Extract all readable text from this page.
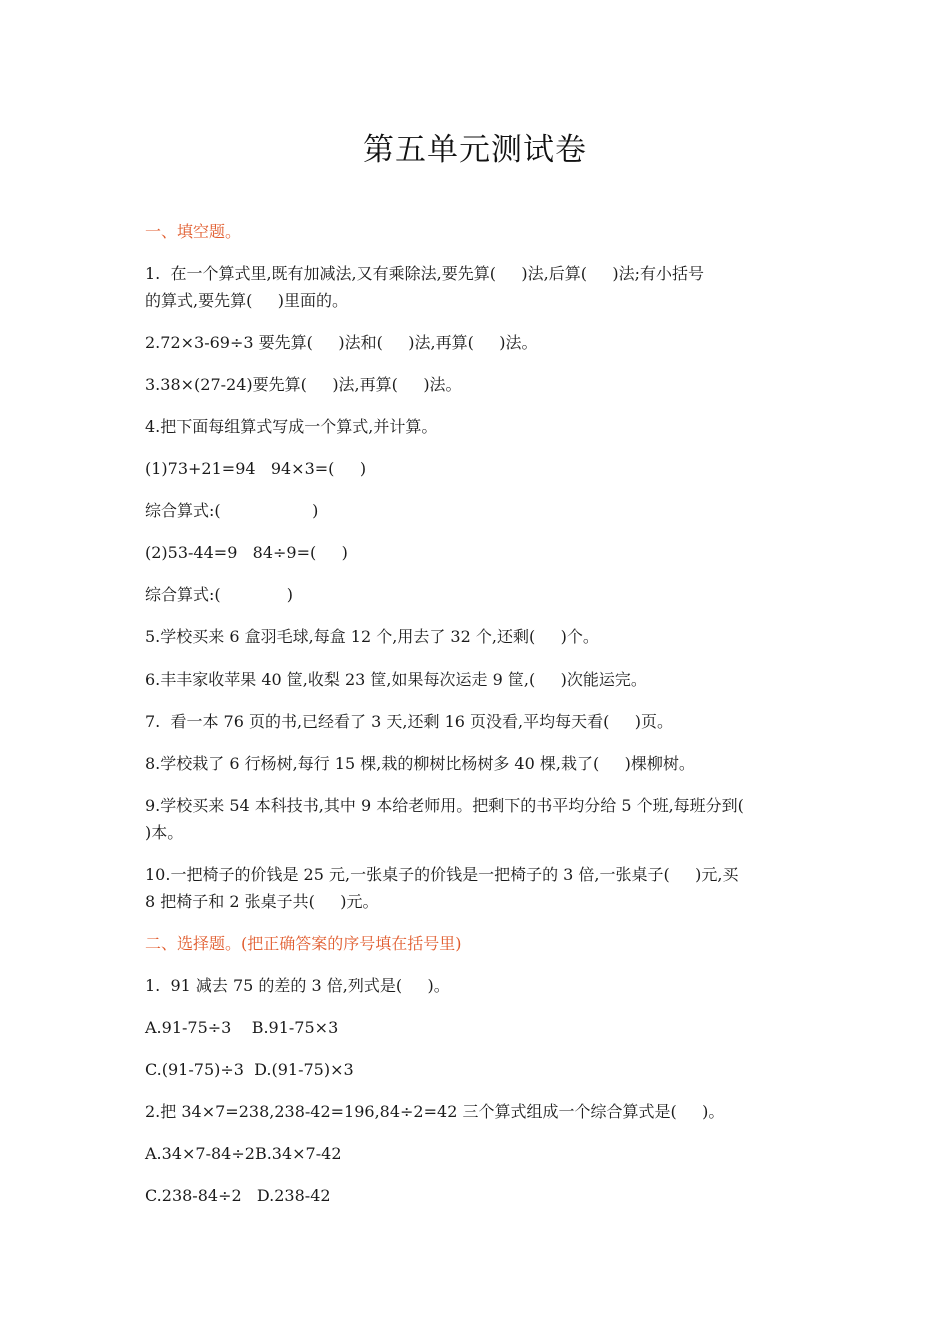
第五单元测试卷

一、填空题。

1.  在一个算式里,既有加减法,又有乘除法,要先算(     )法,后算(     )法;有小括号

的算式,要先算(     )里面的。

2.72×3-69÷3 要先算(     )法和(     )法,再算(     )法。

3.38×(27-24)要先算(     )法,再算(     )法。

4.把下面每组算式写成一个算式,并计算。

(1)73+21=94   94×3=(     )

综合算式:(                  )

(2)53-44=9   84÷9=(     )

综合算式:(             )

5.学校买来 6 盒羽毛球,每盒 12 个,用去了 32 个,还剩(     )个。

6.丰丰家收苹果 40 筐,收梨 23 筐,如果每次运走 9 筐,(     )次能运完。

7.  看一本 76 页的书,已经看了 3 天,还剩 16 页没看,平均每天看(     )页。

8.学校栽了 6 行杨树,每行 15 棵,栽的柳树比杨树多 40 棵,栽了(     )棵柳树。

9.学校买来 54 本科技书,其中 9 本给老师用。把剩下的书平均分给 5 个班,每班分到(

)本。

10.一把椅子的价钱是 25 元,一张桌子的价钱是一把椅子的 3 倍,一张桌子(     )元,买

8 把椅子和 2 张桌子共(     )元。

二、选择题。(把正确答案的序号填在括号里)

1.  91 减去 75 的差的 3 倍,列式是(     )。

A.91-75÷3    B.91-75×3

C.(91-75)÷3  D.(91-75)×3

2.把 34×7=238,238-42=196,84÷2=42 三个算式组成一个综合算式是(     )。

A.34×7-84÷2B.34×7-42

C.238-84÷2   D.238-42
